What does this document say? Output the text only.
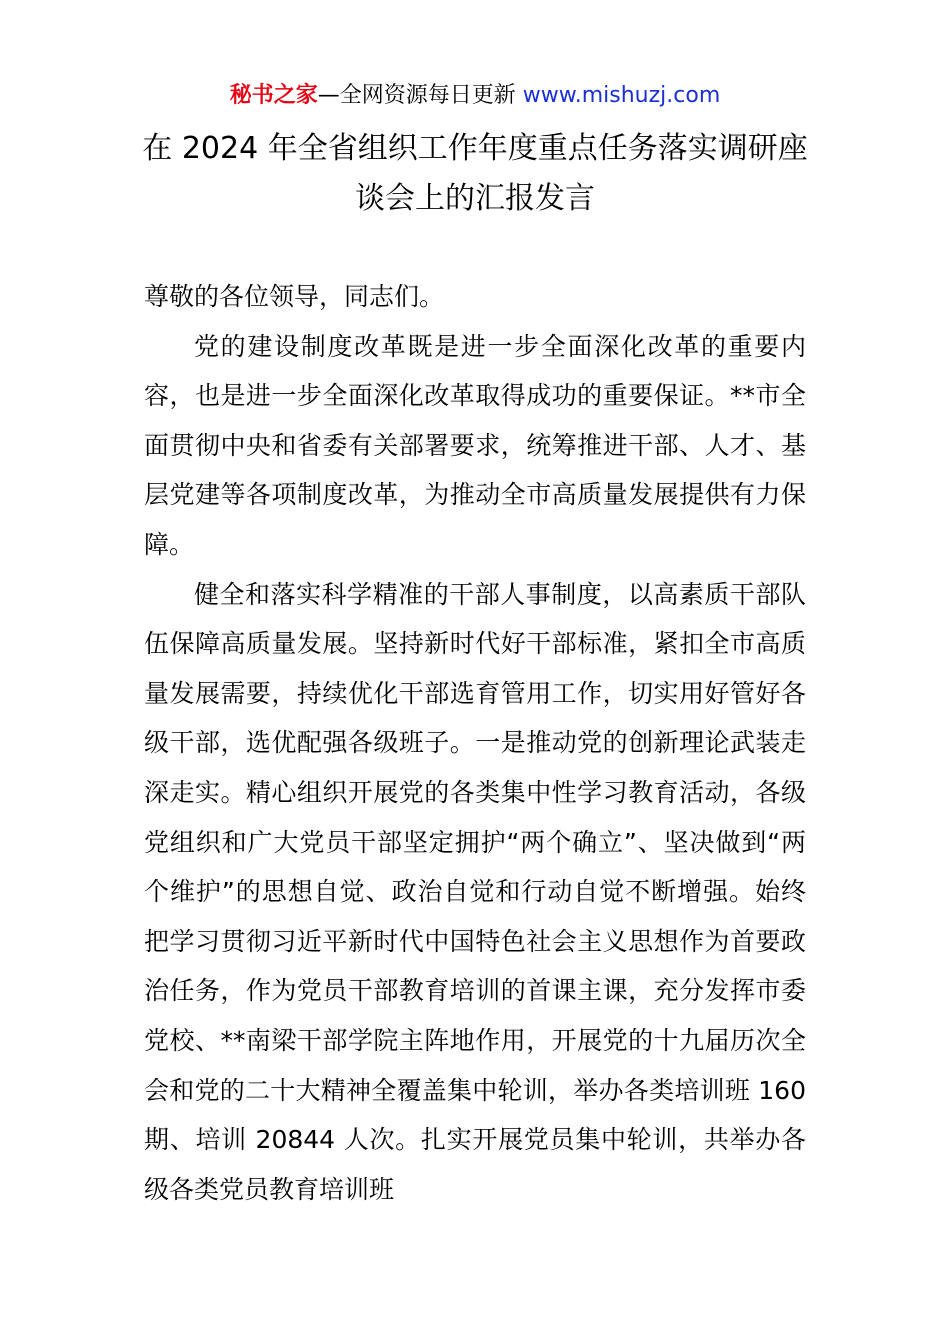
秘书之家—全网资源每日更新 www.mishuzj.com
在 2024 年全省组织工作年度重点任务落实调研座谈会上的汇报发言

尊敬的各位领导，同志们。

党的建设制度改革既是进一步全面深化改革的重要内容，也是进一步全面深化改革取得成功的重要保证。**市全面贯彻中央和省委有关部署要求，统筹推进干部、人才、基层党建等各项制度改革，为推动全市高质量发展提供有力保障。

健全和落实科学精准的干部人事制度，以高素质干部队伍保障高质量发展。坚持新时代好干部标准，紧扣全市高质量发展需要，持续优化干部选育管用工作，切实用好管好各级干部，选优配强各级班子。一是推动党的创新理论武装走深走实。精心组织开展党的各类集中性学习教育活动，各级党组织和广大党员干部坚定拥护“两个确立”、坚决做到“两个维护”的思想自觉、政治自觉和行动自觉不断增强。始终把学习贯彻习近平新时代中国特色社会主义思想作为首要政治任务，作为党员干部教育培训的首课主课，充分发挥市委党校、**南梁干部学院主阵地作用，开展党的十九届历次全会和党的二十大精神全覆盖集中轮训，举办各类培训班 160 期、培训 20844 人次。扎实开展党员集中轮训，共举办各级各类党员教育培训班
